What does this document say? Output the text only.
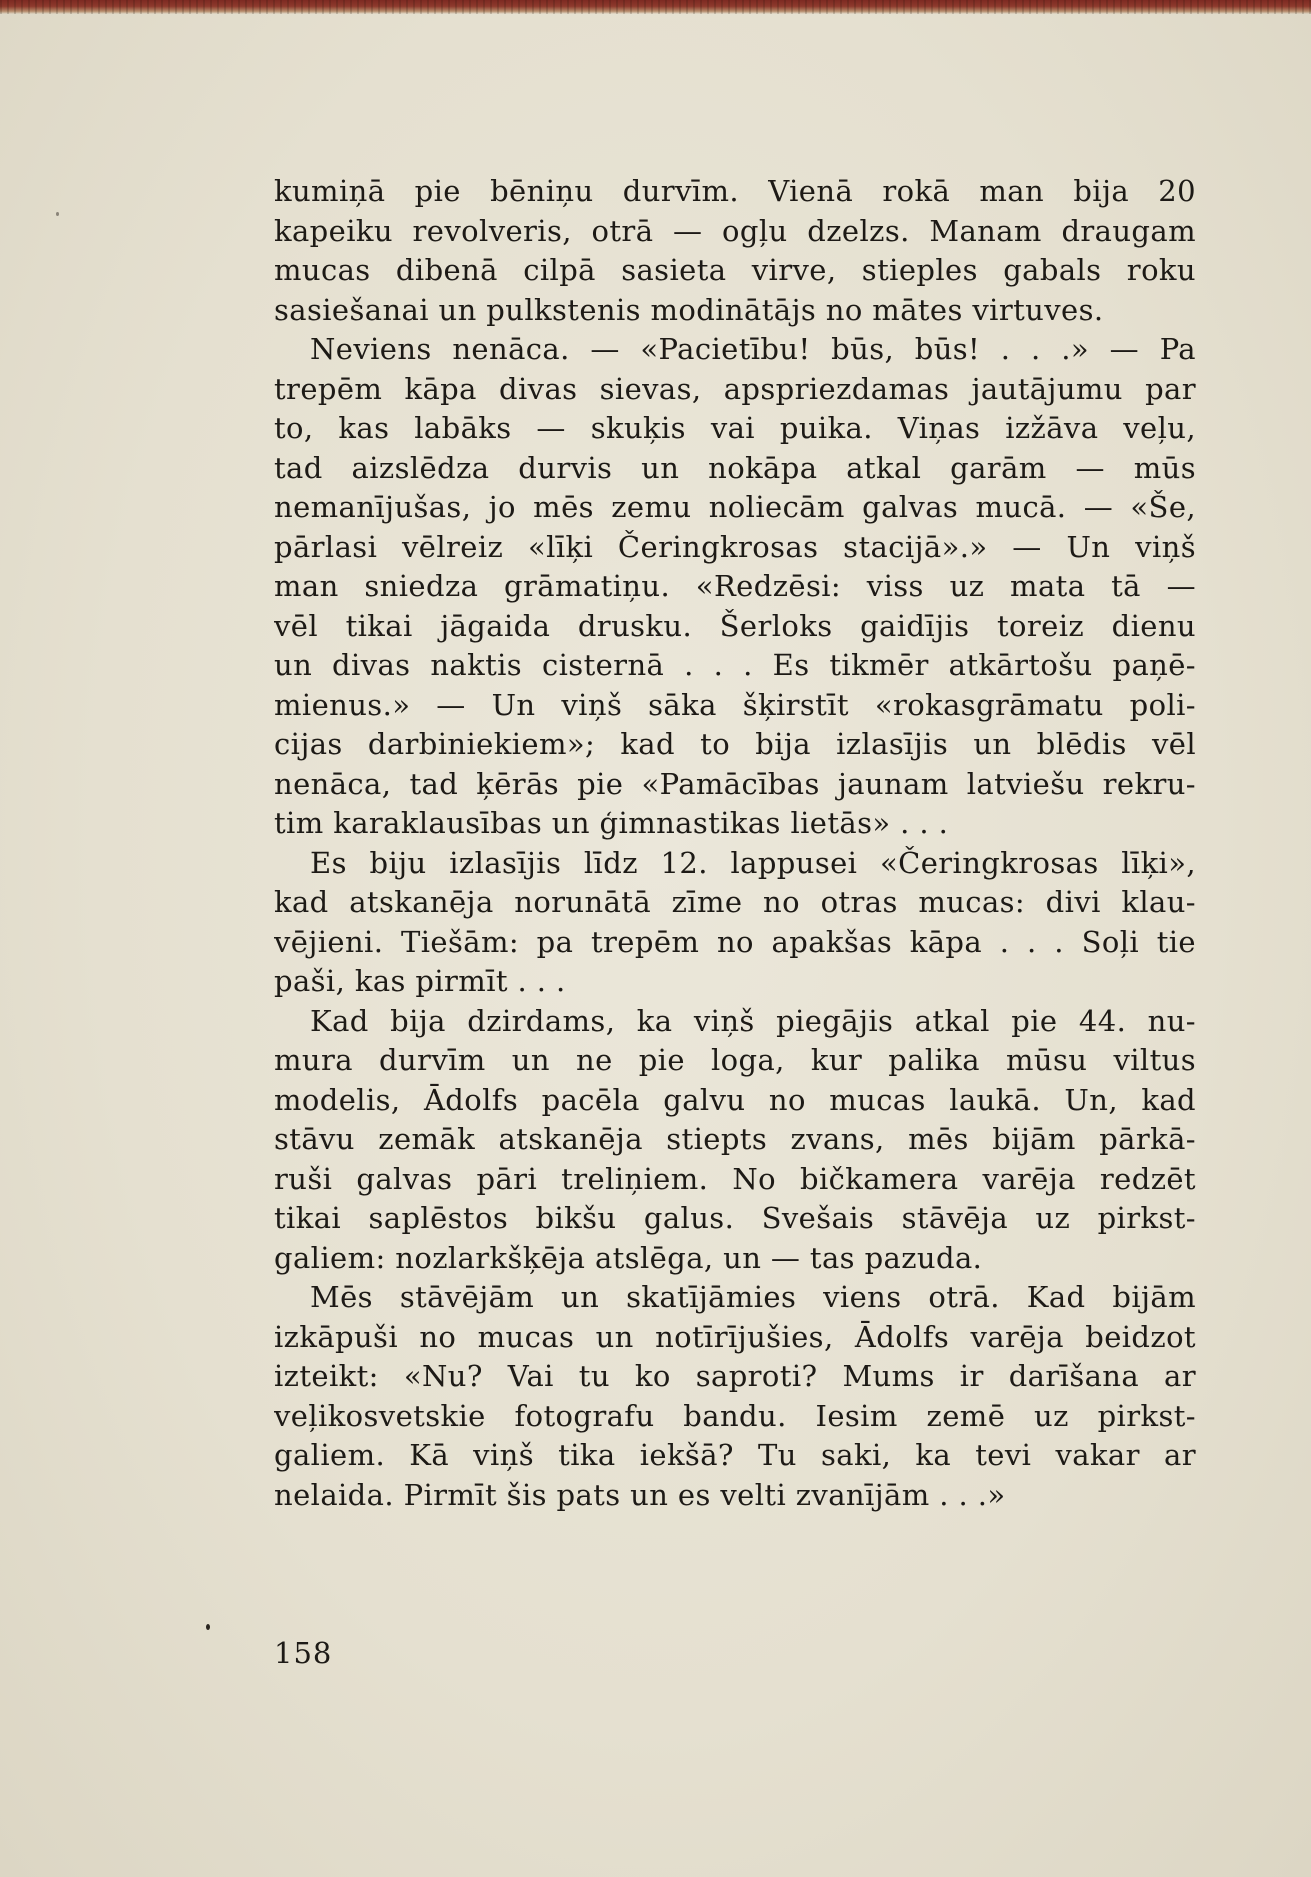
kumiņā pie bēniņu durvīm. Vienā rokā man bija 20
kapeiku revolveris, otrā — ogļu dzelzs. Manam draugam
mucas dibenā cilpā sasieta virve, stieples gabals roku
sasiešanai un pulkstenis modinātājs no mātes virtuves.
Neviens nenāca. — «Pacietību! būs, būs! . . .» — Pa
trepēm kāpa divas sievas, apspriezdamas jautājumu par
to, kas labāks — skuķis vai puika. Viņas izžāva veļu,
tad aizslēdza durvis un nokāpa atkal garām — mūs
nemanījušas, jo mēs zemu noliecām galvas mucā. — «Še,
pārlasi vēlreiz «līķi Čeringkrosas stacijā».» — Un viņš
man sniedza grāmatiņu. «Redzēsi: viss uz mata tā —
vēl tikai jāgaida drusku. Šerloks gaidījis toreiz dienu
un divas naktis cisternā . . . Es tikmēr atkārtošu paņē-
mienus.» — Un viņš sāka šķirstīt «rokasgrāmatu poli-
cijas darbiniekiem»; kad to bija izlasījis un blēdis vēl
nenāca, tad ķērās pie «Pamācības jaunam latviešu rekru-
tim karaklausības un ģimnastikas lietās» . . .
Es biju izlasījis līdz 12. lappusei «Čeringkrosas līķi»,
kad atskanēja norunātā zīme no otras mucas: divi klau-
vējieni. Tiešām: pa trepēm no apakšas kāpa . . . Soļi tie
paši, kas pirmīt . . .
Kad bija dzirdams, ka viņš piegājis atkal pie 44. nu-
mura durvīm un ne pie loga, kur palika mūsu viltus
modelis, Ādolfs pacēla galvu no mucas laukā. Un, kad
stāvu zemāk atskanēja stiepts zvans, mēs bijām pārkā-
ruši galvas pāri treliņiem. No bičkamera varēja redzēt
tikai saplēstos bikšu galus. Svešais stāvēja uz pirkst-
galiem: nozlarkšķēja atslēga, un — tas pazuda.
Mēs stāvējām un skatījāmies viens otrā. Kad bijām
izkāpuši no mucas un notīrījušies, Ādolfs varēja beidzot
izteikt: «Nu? Vai tu ko saproti? Mums ir darīšana ar
veļikosvetskie fotografu bandu. Iesim zemē uz pirkst-
galiem. Kā viņš tika iekšā? Tu saki, ka tevi vakar ar
nelaida. Pirmīt šis pats un es velti zvanījām . . .»
158
